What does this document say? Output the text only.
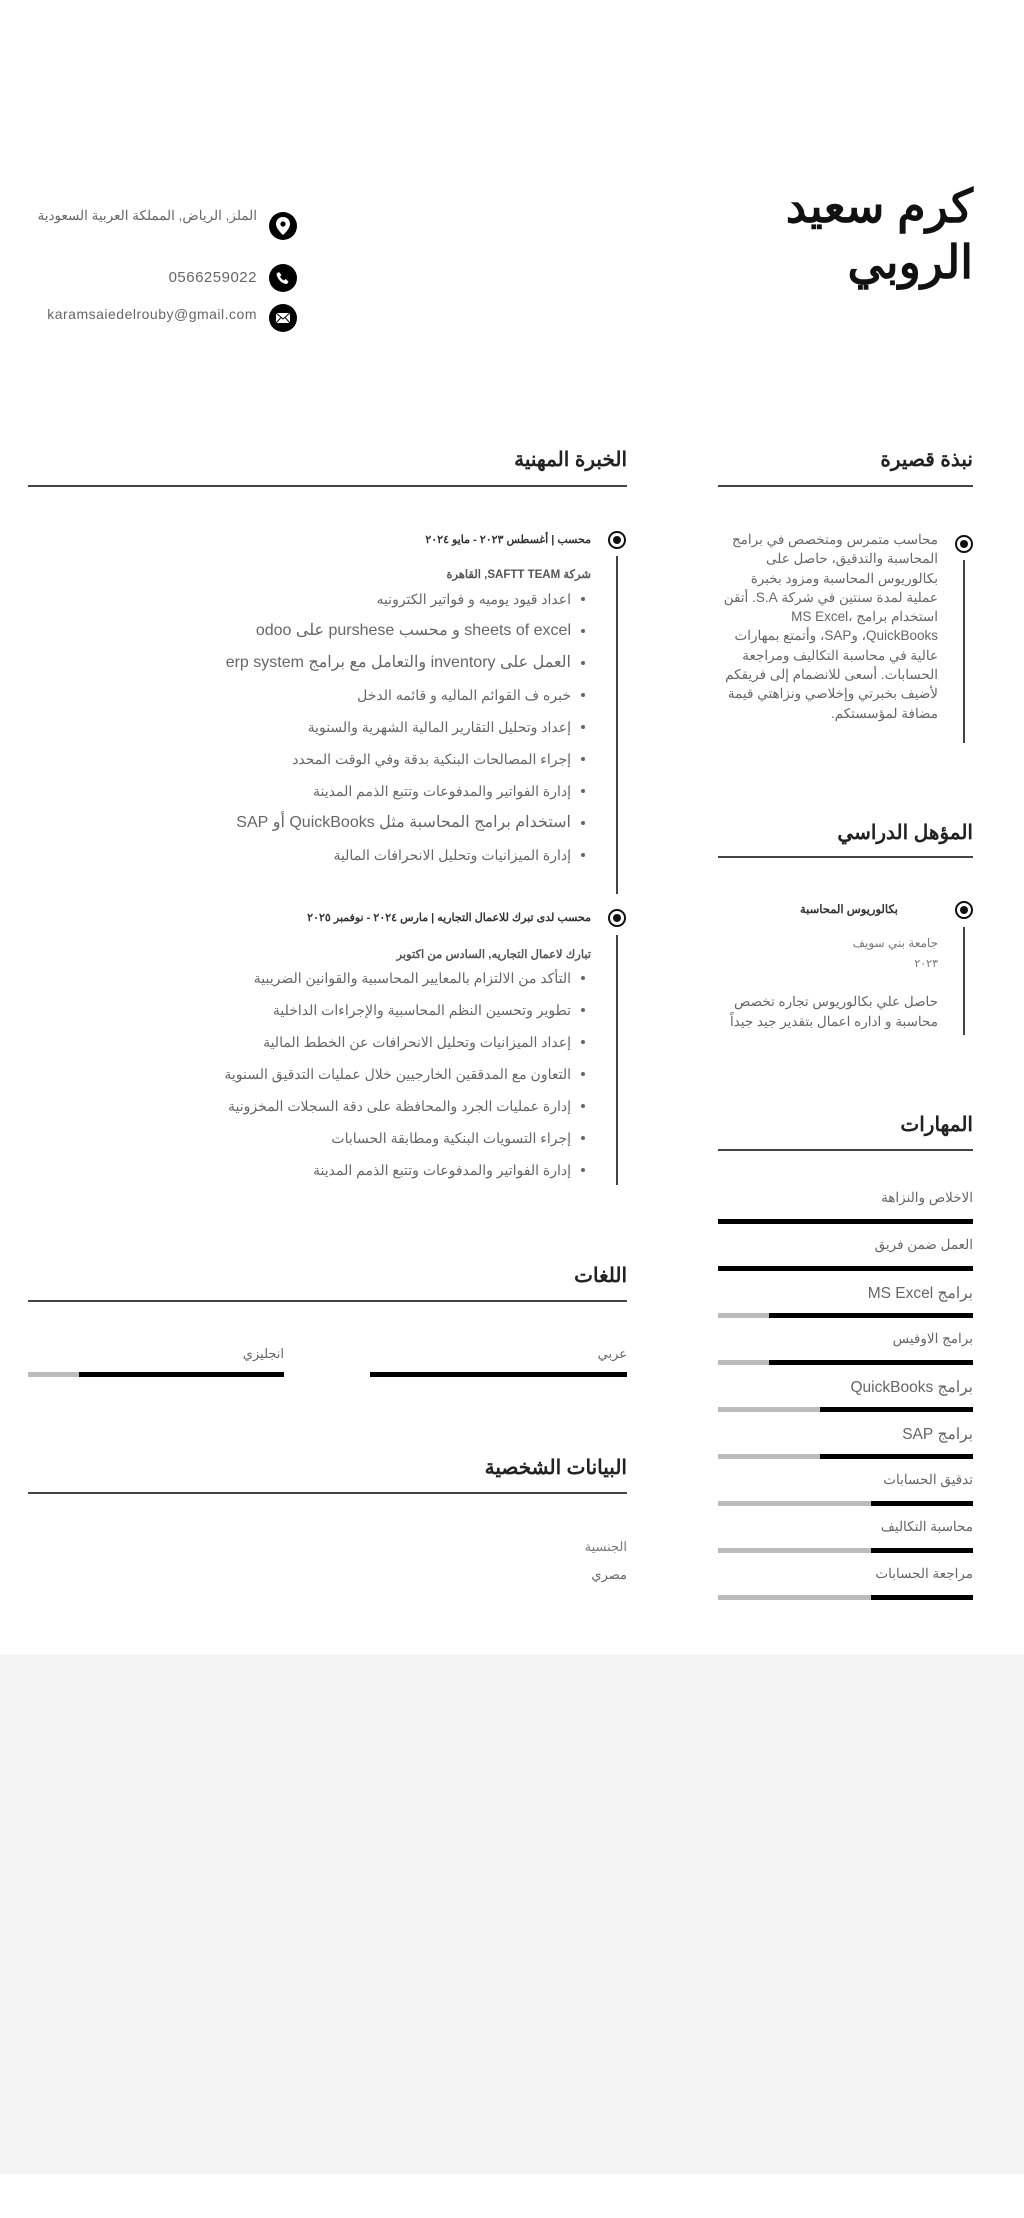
كرم سعيد
الروبي
الملز, الرياض, المملكة العربية السعودية
0566259022
karamsaiedelrouby@gmail.com
نبذة قصيرة
محاسب متمرس ومتخصص في برامج المحاسبة والتدقيق، حاصل على بكالوريوس المحاسبة ومزود بخبرة عملية لمدة سنتين في شركة S.A. أتقن استخدام برامج MS Excel، QuickBooks، وSAP، وأتمتع بمهارات عالية في محاسبة التكاليف ومراجعة الحسابات. أسعى للانضمام إلى فريقكم لأضيف بخبرتي وإخلاصي ونزاهتي قيمة مضافة لمؤسستكم.
الخبرة المهنية
محسب | أغسطس ٢٠٢٣ - مايو ٢٠٢٤
شركة SAFTT TEAM, القاهرة
اعداد قيود يوميه و فواتير الكترونيه
sheets of excel و محسب purshese على odoo
العمل على inventory والتعامل مع برامج erp system
خبره ف القوائم الماليه و قائمه الدخل
إعداد وتحليل التقارير المالية الشهرية والسنوية
إجراء المصالحات البنكية بدقة وفي الوقت المحدد
إدارة الفواتير والمدفوعات وتتبع الذمم المدينة
استخدام برامج المحاسبة مثل QuickBooks أو SAP
إدارة الميزانيات وتحليل الانحرافات المالية
محسب لدى تبرك للاعمال التجاريه | مارس ٢٠٢٤ - نوفمبر ٢٠٢٥
تبارك لاعمال التجاريه, السادس من اكتوبر
التأكد من الالتزام بالمعايير المحاسبية والقوانين الضريبية
تطوير وتحسين النظم المحاسبية والإجراءات الداخلية
إعداد الميزانيات وتحليل الانحرافات عن الخطط المالية
التعاون مع المدققين الخارجيين خلال عمليات التدقيق السنوية
إدارة عمليات الجرد والمحافظة على دقة السجلات المخزونية
إجراء التسويات البنكية ومطابقة الحسابات
إدارة الفواتير والمدفوعات وتتبع الذمم المدينة
المؤهل الدراسي
بكالوريوس المحاسبة
جامعة بني سويف
٢٠٢٣
حاصل علي بكالوريوس تجاره تخصص محاسبة و اداره اعمال بتقدير جيد جيداً
المهارات
الاخلاص والنزاهة
العمل ضمن فريق
برامج MS Excel
برامج الاوفيس
برامج QuickBooks
برامج SAP
تدقيق الحسابات
محاسبة التكاليف
مراجعة الحسابات
اللغات
عربي
انجليزي
البيانات الشخصية
الجنسية
مصري
